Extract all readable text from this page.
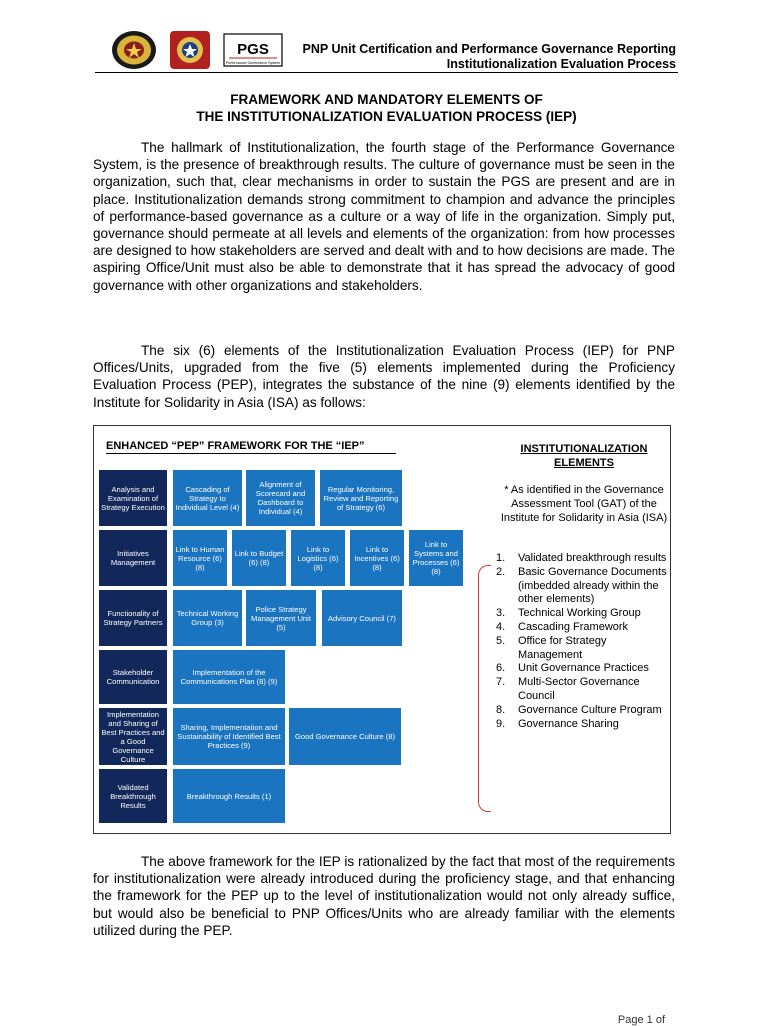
PGS
Performance Governance System
PNP Unit Certification and Performance Governance Reporting
Institutionalization Evaluation Process
FRAMEWORK AND MANDATORY ELEMENTS OF
THE INSTITUTIONALIZATION EVALUATION PROCESS (IEP)

The hallmark of Institutionalization, the fourth stage of the Performance Governance System, is the presence of breakthrough results. The culture of governance must be seen in the organization, such that, clear mechanisms in order to sustain the PGS are present and are in place. Institutionalization demands strong commitment to champion and advance the principles of performance-based governance as a culture or a way of life in the organization. Simply put, governance should permeate at all levels and elements of the organization: from how processes are designed to how stakeholders are served and dealt with and to how decisions are made. The aspiring Office/Unit must also be able to demonstrate that it has spread the advocacy of good governance with other organizations and stakeholders.

The six (6) elements of the Institutionalization Evaluation Process (IEP) for PNP Offices/Units, upgraded from the five (5) elements implemented during the Proficiency Evaluation Process (PEP), integrates the substance of the nine (9) elements identified by the Institute for Solidarity in Asia (ISA) as follows:

ENHANCED “PEP” FRAMEWORK FOR THE “IEP”
Analysis and Examination of Strategy Execution
Initiatives Management
Functionality of Strategy Partners
Stakeholder Communication
Implementation and Sharing of Best Practices and a Good Governance Culture
Validated Breakthrough Results
Cascading of Strategy to Individual Level (4)
Alignment of Scorecard and Dashboard to Individual (4)
Regular Monitoring, Review and Reporting of Strategy (6)
Link to Human Resource (6) (8)
Link to Budget (6) (8)
Link to Logistics (6) (8)
Link to Incentives (6) (8)
Link to Systems and Processes (6) (8)
Technical Working Group (3)
Police Strategy Management Unit (5)
Advisory Council (7)
Implementation of the Communications Plan (8) (9)
Sharing, Implementation and Sustainability of Identified Best Practices (9)
Good Governance Culture (8)
Breakthrough Results (1)
INSTITUTIONALIZATION
ELEMENTS
* As identified in the Governance Assessment Tool (GAT) of the Institute for Solidarity in Asia (ISA)
1.	Validated breakthrough results
2.	Basic Governance Documents (imbedded already within the other elements)
3.	Technical Working Group
4.	Cascading Framework
5.	Office for Strategy Management
6.	Unit Governance Practices
7.	Multi-Sector Governance Council
8.	Governance Culture Program
9.	Governance Sharing

The above framework for the IEP is rationalized by the fact that most of the requirements for institutionalization were already introduced during the proficiency stage, and that enhancing the framework for the PEP up to the level of institutionalization would not only already suffice, but would also be beneficial to PNP Offices/Units who are already familiar with the elements utilized during the PEP.

Page 1 of
